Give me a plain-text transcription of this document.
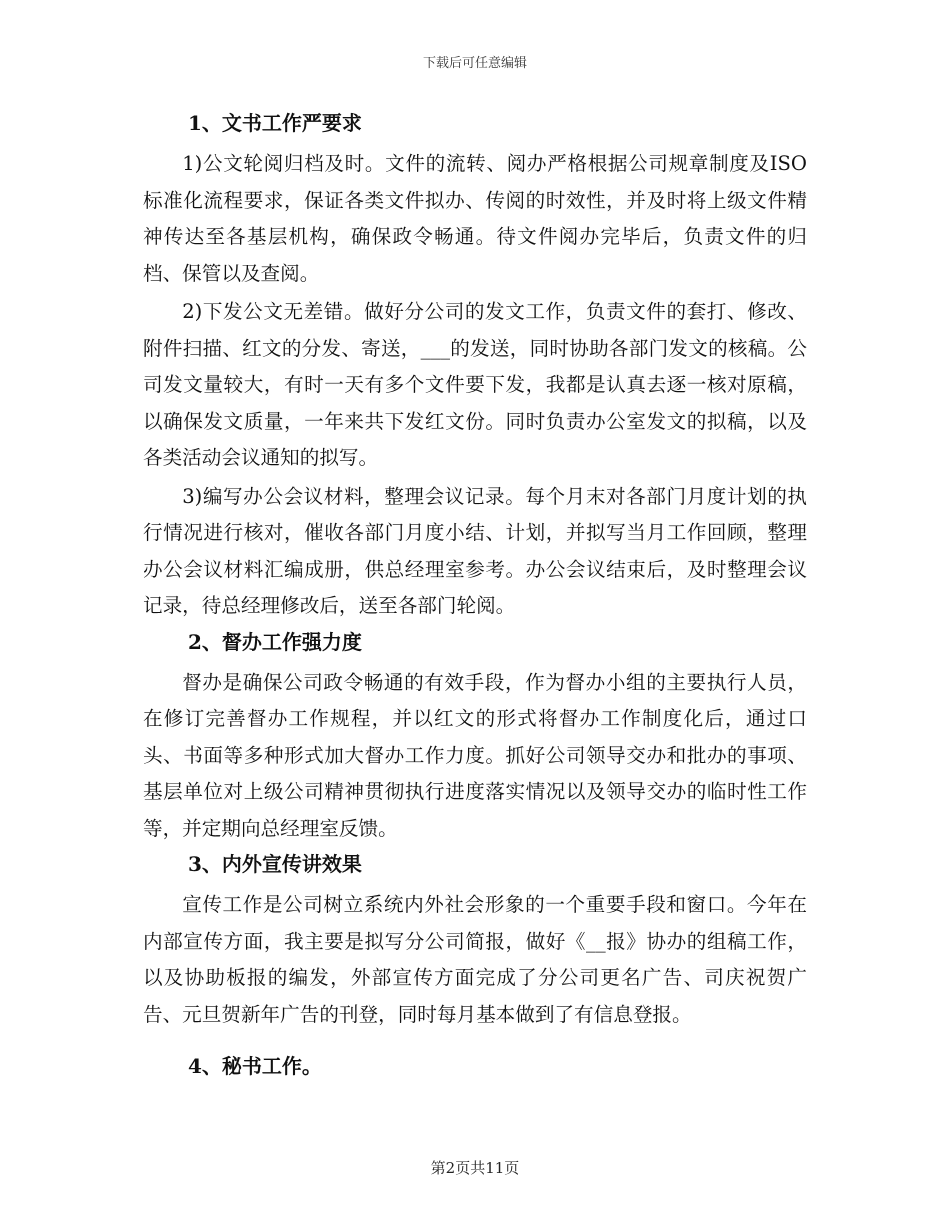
下载后可任意编辑
1、文书工作严要求

1)公文轮阅归档及时。文件的流转、阅办严格根据公司规章制度及ISO标准化流程要求，保证各类文件拟办、传阅的时效性，并及时将上级文件精神传达至各基层机构，确保政令畅通。待文件阅办完毕后，负责文件的归档、保管以及查阅。

2)下发公文无差错。做好分公司的发文工作，负责文件的套打、修改、附件扫描、红文的分发、寄送，___的发送，同时协助各部门发文的核稿。公司发文量较大，有时一天有多个文件要下发，我都是认真去逐一核对原稿，以确保发文质量，一年来共下发红文份。同时负责办公室发文的拟稿，以及各类活动会议通知的拟写。

3)编写办公会议材料，整理会议记录。每个月末对各部门月度计划的执行情况进行核对，催收各部门月度小结、计划，并拟写当月工作回顾，整理办公会议材料汇编成册，供总经理室参考。办公会议结束后，及时整理会议记录，待总经理修改后，送至各部门轮阅。

2、督办工作强力度

督办是确保公司政令畅通的有效手段，作为督办小组的主要执行人员，在修订完善督办工作规程，并以红文的形式将督办工作制度化后，通过口头、书面等多种形式加大督办工作力度。抓好公司领导交办和批办的事项、基层单位对上级公司精神贯彻执行进度落实情况以及领导交办的临时性工作等，并定期向总经理室反馈。

3、内外宣传讲效果

宣传工作是公司树立系统内外社会形象的一个重要手段和窗口。今年在内部宣传方面，我主要是拟写分公司简报，做好《__报》协办的组稿工作，以及协助板报的编发，外部宣传方面完成了分公司更名广告、司庆祝贺广告、元旦贺新年广告的刊登，同时每月基本做到了有信息登报。

4、秘书工作。
第2页共11页
